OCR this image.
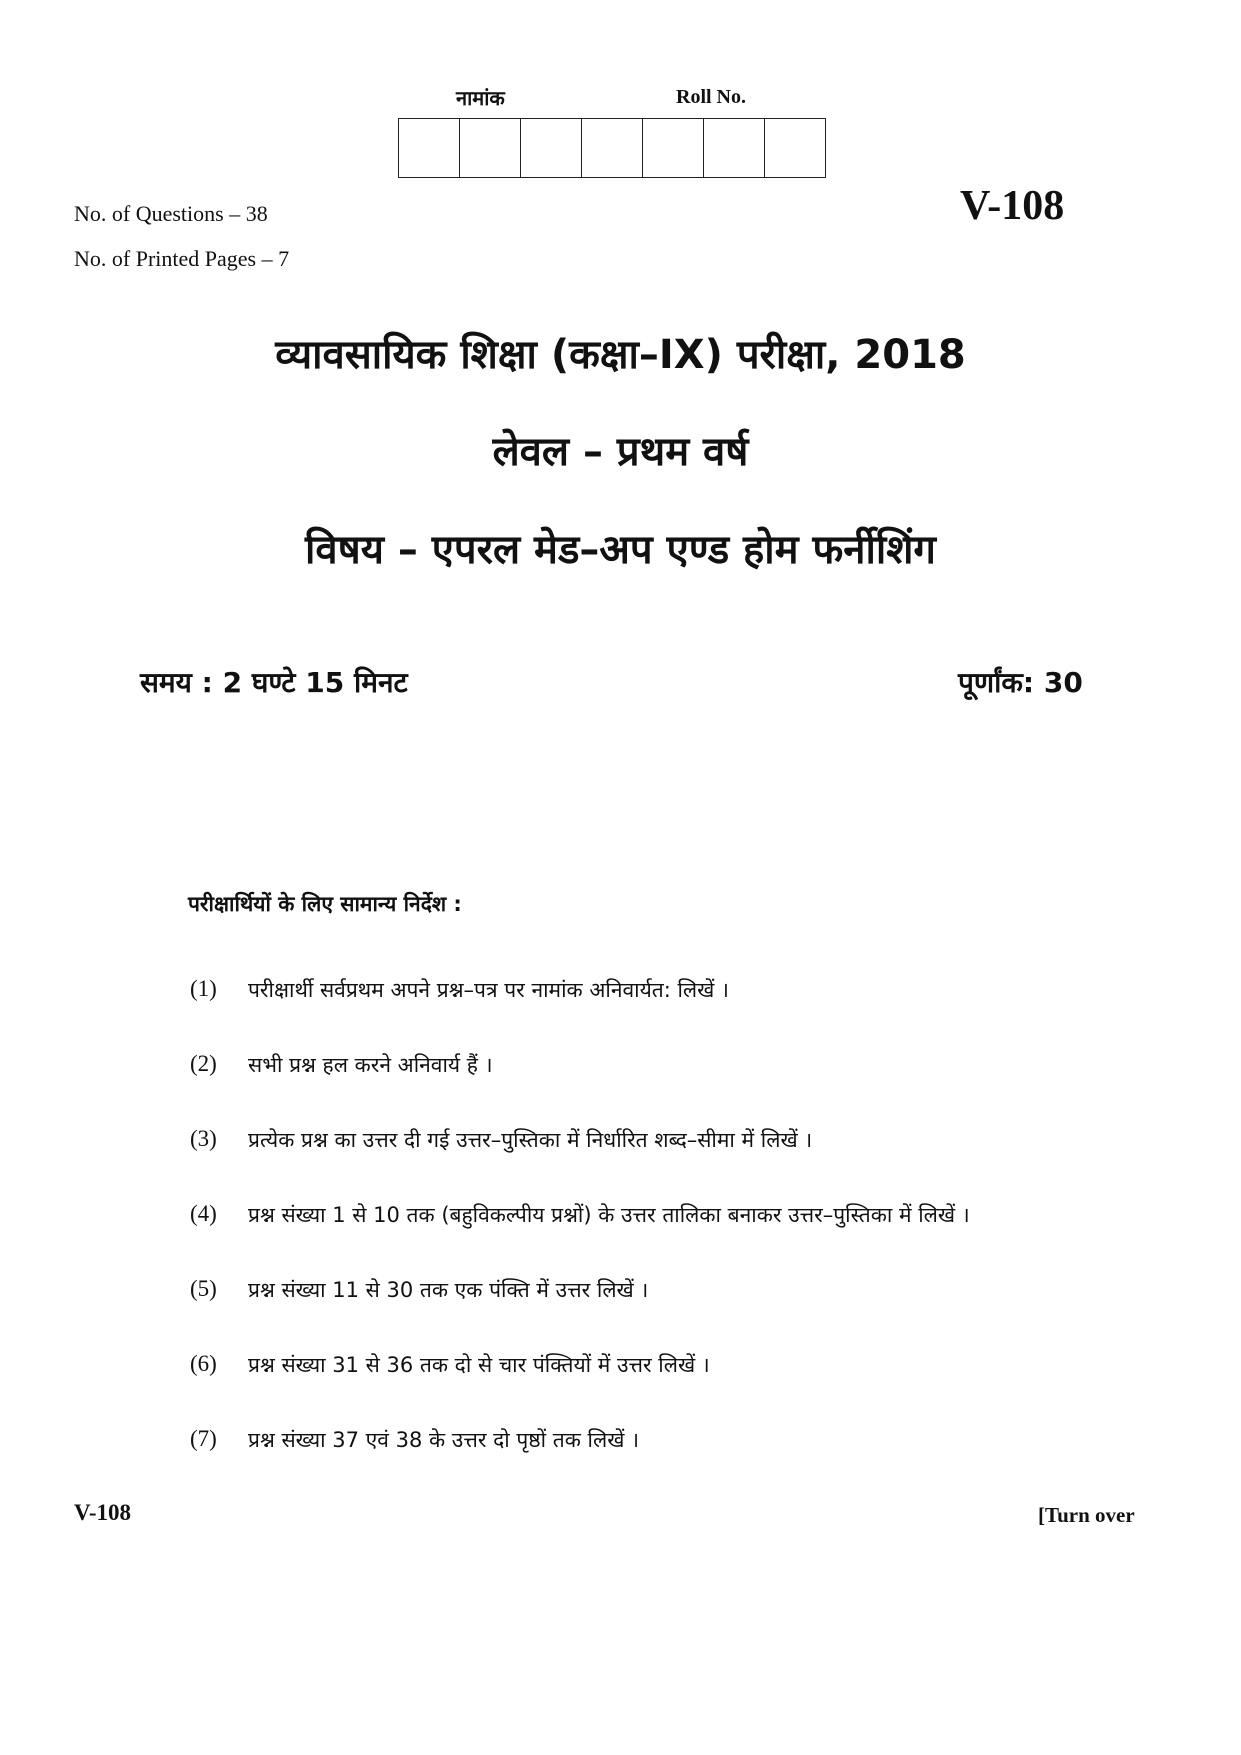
नामांक	Roll No.
V-108
No. of Questions – 38
No. of Printed Pages – 7
व्यावसायिक शिक्षा (कक्षा–IX) परीक्षा, 2018
लेवल – प्रथम वर्ष
विषय – एपरल मेड–अप एण्ड होम फर्नीशिंग
समय : 2 घण्टे 15 मिनट	पूर्णांक: 30
परीक्षार्थियों के लिए सामान्य निर्देश :
(1)	परीक्षार्थी सर्वप्रथम अपने प्रश्न–पत्र पर नामांक अनिवार्यत: लिखें ।
(2)	सभी प्रश्न हल करने अनिवार्य हैं ।
(3)	प्रत्येक प्रश्न का उत्तर दी गई उत्तर–पुस्तिका में निर्धारित शब्द–सीमा में लिखें ।
(4)	प्रश्न संख्या 1 से 10 तक (बहुविकल्पीय प्रश्नों) के उत्तर तालिका बनाकर उत्तर–पुस्तिका में लिखें ।
(5)	प्रश्न संख्या 11 से 30 तक एक पंक्ति में उत्तर लिखें ।
(6)	प्रश्न संख्या 31 से 36 तक दो से चार पंक्तियों में उत्तर लिखें ।
(7)	प्रश्न संख्या 37 एवं 38 के उत्तर दो पृष्ठों तक लिखें ।
V-108	[Turn over
